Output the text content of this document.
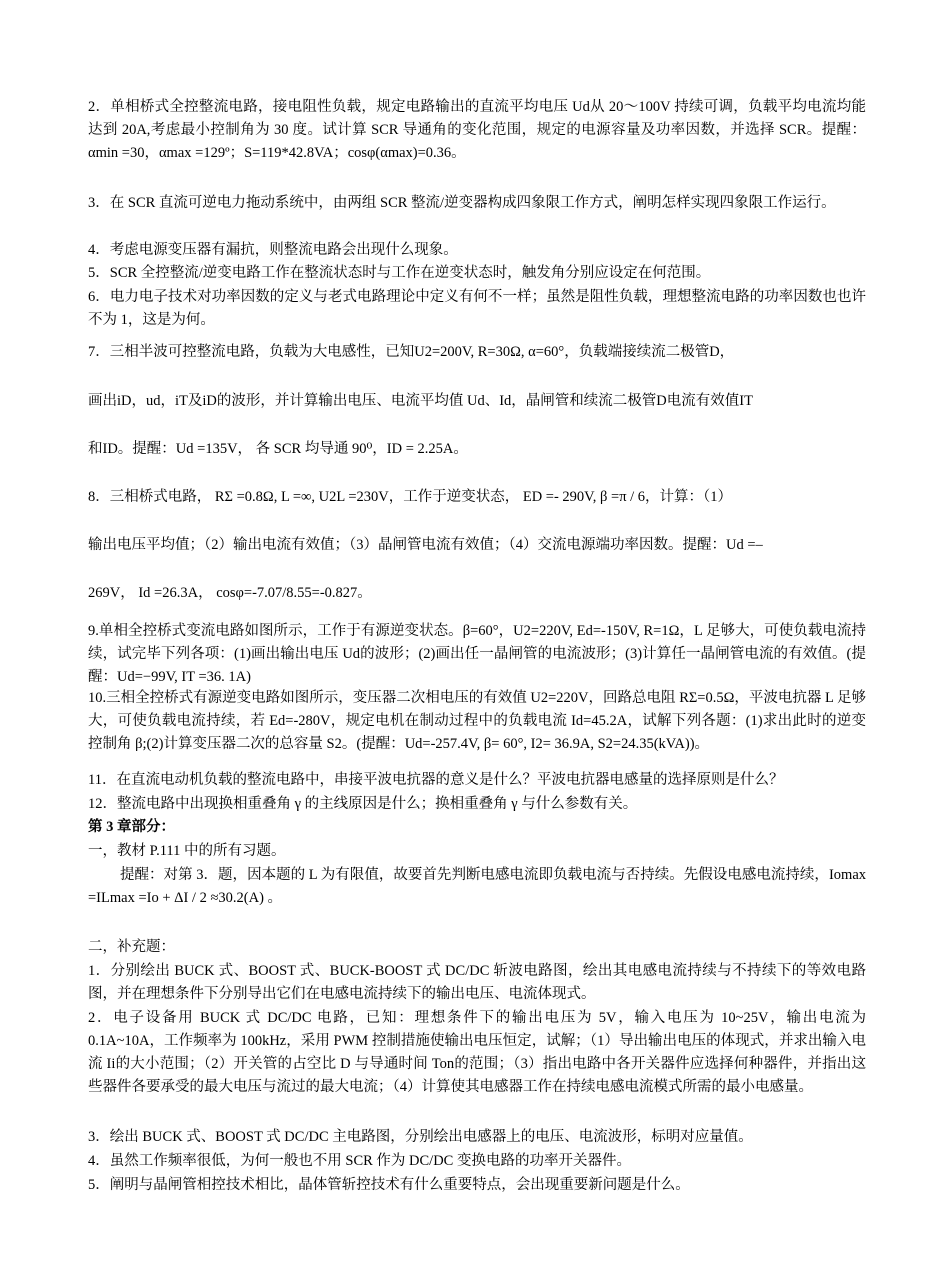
2．单相桥式全控整流电路，接电阻性负载，规定电路输出的直流平均电压 Ud从 20～100V 持续可调，负载平均电流均能达到 20A,考虑最小控制角为 30 度。试计算 SCR 导通角的变化范围，规定的电源容量及功率因数，并选择 SCR。提醒：αmin =30，αmax =129º；S=119*42.8VA；cosφ(αmax)=0.36。
3．在 SCR 直流可逆电力拖动系统中，由两组 SCR 整流/逆变器构成四象限工作方式，阐明怎样实现四象限工作运行。
4．考虑电源变压器有漏抗，则整流电路会出现什么现象。
5．SCR 全控整流/逆变电路工作在整流状态时与工作在逆变状态时，触发角分别应设定在何范围。
6．电力电子技术对功率因数的定义与老式电路理论中定义有何不一样；虽然是阻性负载，理想整流电路的功率因数也也许不为 1，这是为何。
7．三相半波可控整流电路，负载为大电感性，已知U2=200V, R=30Ω, α=60°，负载端接续流二极管D，
画出iD，ud，iT及iD的波形，并计算输出电压、电流平均值 Ud、Id，晶闸管和续流二极管D电流有效值IT
和ID。提醒：Ud =135V， 各 SCR 均导通 90⁰，ID = 2.25A。
8．三相桥式电路， RΣ =0.8Ω, L =∞, U2L =230V，工作于逆变状态， ED =- 290V, β =π / 6，计算：（1）
输出电压平均值；（2）输出电流有效值；（3）晶闸管电流有效值；（4）交流电源端功率因数。提醒：Ud =–
269V， Id =26.3A， cosφ=-7.07/8.55=-0.827。
9.单相全控桥式变流电路如图所示，工作于有源逆变状态。β=60°，U2=220V, Ed=-150V, R=1Ω，L 足够大，可使负载电流持续，试完毕下列各项：(1)画出输出电压 Ud的波形；(2)画出任一晶闸管的电流波形；(3)计算任一晶闸管电流的有效值。(提醒：Ud=−99V, IT =36. 1A)
10.三相全控桥式有源逆变电路如图所示，变压器二次相电压的有效值 U2=220V，回路总电阻 RΣ=0.5Ω，平波电抗器 L 足够大，可使负载电流持续，若 Ed=-280V，规定电机在制动过程中的负载电流 Id=45.2A，试解下列各题：(1)求出此时的逆变控制角 β;(2)计算变压器二次的总容量 S2。(提醒：Ud=-257.4V, β= 60°, I2= 36.9A, S2=24.35(kVA))。
11．在直流电动机负载的整流电路中，串接平波电抗器的意义是什么？平波电抗器电感量的选择原则是什么？
12．整流电路中出现换相重叠角 γ 的主线原因是什么；换相重叠角 γ 与什么参数有关。
第 3 章部分：
一，教材 P.111 中的所有习题。
提醒：对第 3．题，因本题的 L 为有限值，故要首先判断电感电流即负载电流与否持续。先假设电感电流持续，Iomax =ILmax =Io + ΔI / 2 ≈30.2(A) 。
二，补充题：
1．分别绘出 BUCK 式、BOOST 式、BUCK-BOOST 式 DC/DC 斩波电路图，绘出其电感电流持续与不持续下的等效电路图，并在理想条件下分别导出它们在电感电流持续下的输出电压、电流体现式。
2．电子设备用 BUCK 式 DC/DC 电路，已知：理想条件下的输出电压为 5V，输入电压为 10~25V，输出电流为 0.1A~10A，工作频率为 100kHz，采用 PWM 控制措施使输出电压恒定，试解；（1）导出输出电压的体现式，并求出输入电流 Ii的大小范围；（2）开关管的占空比 D 与导通时间 Ton的范围；（3）指出电路中各开关器件应选择何种器件，并指出这些器件各要承受的最大电压与流过的最大电流；（4）计算使其电感器工作在持续电感电流模式所需的最小电感量。
3．绘出 BUCK 式、BOOST 式 DC/DC 主电路图，分别绘出电感器上的电压、电流波形，标明对应量值。
4．虽然工作频率很低，为何一般也不用 SCR 作为 DC/DC 变换电路的功率开关器件。
5．阐明与晶闸管相控技术相比，晶体管斩控技术有什么重要特点，会出现重要新问题是什么。
